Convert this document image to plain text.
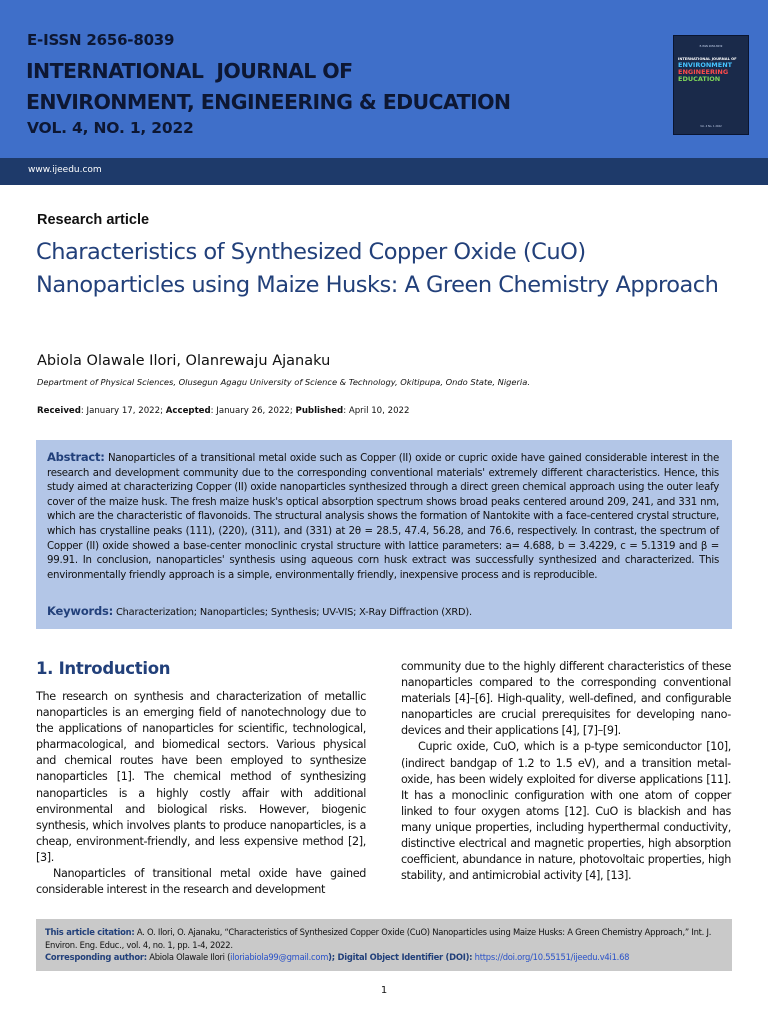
E-ISSN 2656-8039
INTERNATIONAL  JOURNAL OF
ENVIRONMENT, ENGINEERING & EDUCATION
VOL. 4, NO. 1, 2022
E-ISSN 2656-8039
INTERNATIONAL JOURNAL OF
ENVIRONMENT
ENGINEERING
EDUCATION
Vol. 4 No. 1 2022
www.ijeedu.com
Research article
Characteristics of Synthesized Copper Oxide (CuO) Nanoparticles using Maize Husks: A Green Chemistry Approach
Abiola Olawale Ilori, Olanrewaju Ajanaku
Department of Physical Sciences, Olusegun Agagu University of Science & Technology, Okitipupa, Ondo State, Nigeria.
Received: January 17, 2022; Accepted: January 26, 2022; Published: April 10, 2022
Abstract: Nanoparticles of a transitional metal oxide such as Copper (II) oxide or cupric oxide have gained considerable interest in the research and development community due to the corresponding conventional materials' extremely different characteristics. Hence, this study aimed at characterizing Copper (II) oxide nanoparticles synthesized through a direct green chemical approach using the outer leafy cover of the maize husk. The fresh maize husk's optical absorption spectrum shows broad peaks centered around 209, 241, and 331 nm, which are the characteristic of flavonoids. The structural analysis shows the formation of Nantokite with a face-centered crystal structure, which has crystalline peaks (111), (220), (311), and (331) at 2θ = 28.5, 47.4, 56.28, and 76.6, respectively. In contrast, the spectrum of Copper (II) oxide showed a base-center monoclinic crystal structure with lattice parameters: a= 4.688, b = 3.4229, c = 5.1319 and β = 99.91. In conclusion, nanoparticles' synthesis using aqueous corn husk extract was successfully synthesized and characterized. This environmentally friendly approach is a simple, environmentally friendly, inexpensive process and is reproducible.
Keywords: Characterization; Nanoparticles; Synthesis; UV-VIS; X-Ray Diffraction (XRD).
1. Introduction

The research on synthesis and characterization of metallic nanoparticles is an emerging field of nanotechnology due to the applications of nanoparticles for scientific, technological, pharmacological, and biomedical sectors. Various physical and chemical routes have been employed to synthesize nanoparticles [1]. The chemical method of synthesizing nanoparticles is a highly costly affair with additional environmental and biological risks. However, biogenic synthesis, which involves plants to produce nanoparticles, is a cheap, environment-friendly, and less expensive method [2], [3].

Nanoparticles of transitional metal oxide have gained considerable interest in the research and development

community due to the highly different characteristics of these nanoparticles compared to the corresponding conventional materials [4]–[6]. High-quality, well-defined, and configurable nanoparticles are crucial prerequisites for developing nano-devices and their applications [4], [7]–[9].

Cupric oxide, CuO, which is a p-type semiconductor [10], (indirect bandgap of 1.2 to 1.5 eV), and a transition metal-oxide, has been widely exploited for diverse applications [11]. It has a monoclinic configuration with one atom of copper linked to four oxygen atoms [12]. CuO is blackish and has many unique properties, including hyperthermal conductivity, distinctive electrical and magnetic properties, high absorption coefficient, abundance in nature, photovoltaic properties, high stability, and antimicrobial activity [4], [13].

This article citation: A. O. Ilori, O. Ajanaku, “Characteristics of Synthesized Copper Oxide (CuO) Nanoparticles using Maize Husks: A Green Chemistry Approach,” Int. J. Environ. Eng. Educ., vol. 4, no. 1, pp. 1-4, 2022.
Corresponding author: Abiola Olawale Ilori (iloriabiola99@gmail.com); Digital Object Identifier (DOI): https://doi.org/10.55151/ijeedu.v4i1.68
1
